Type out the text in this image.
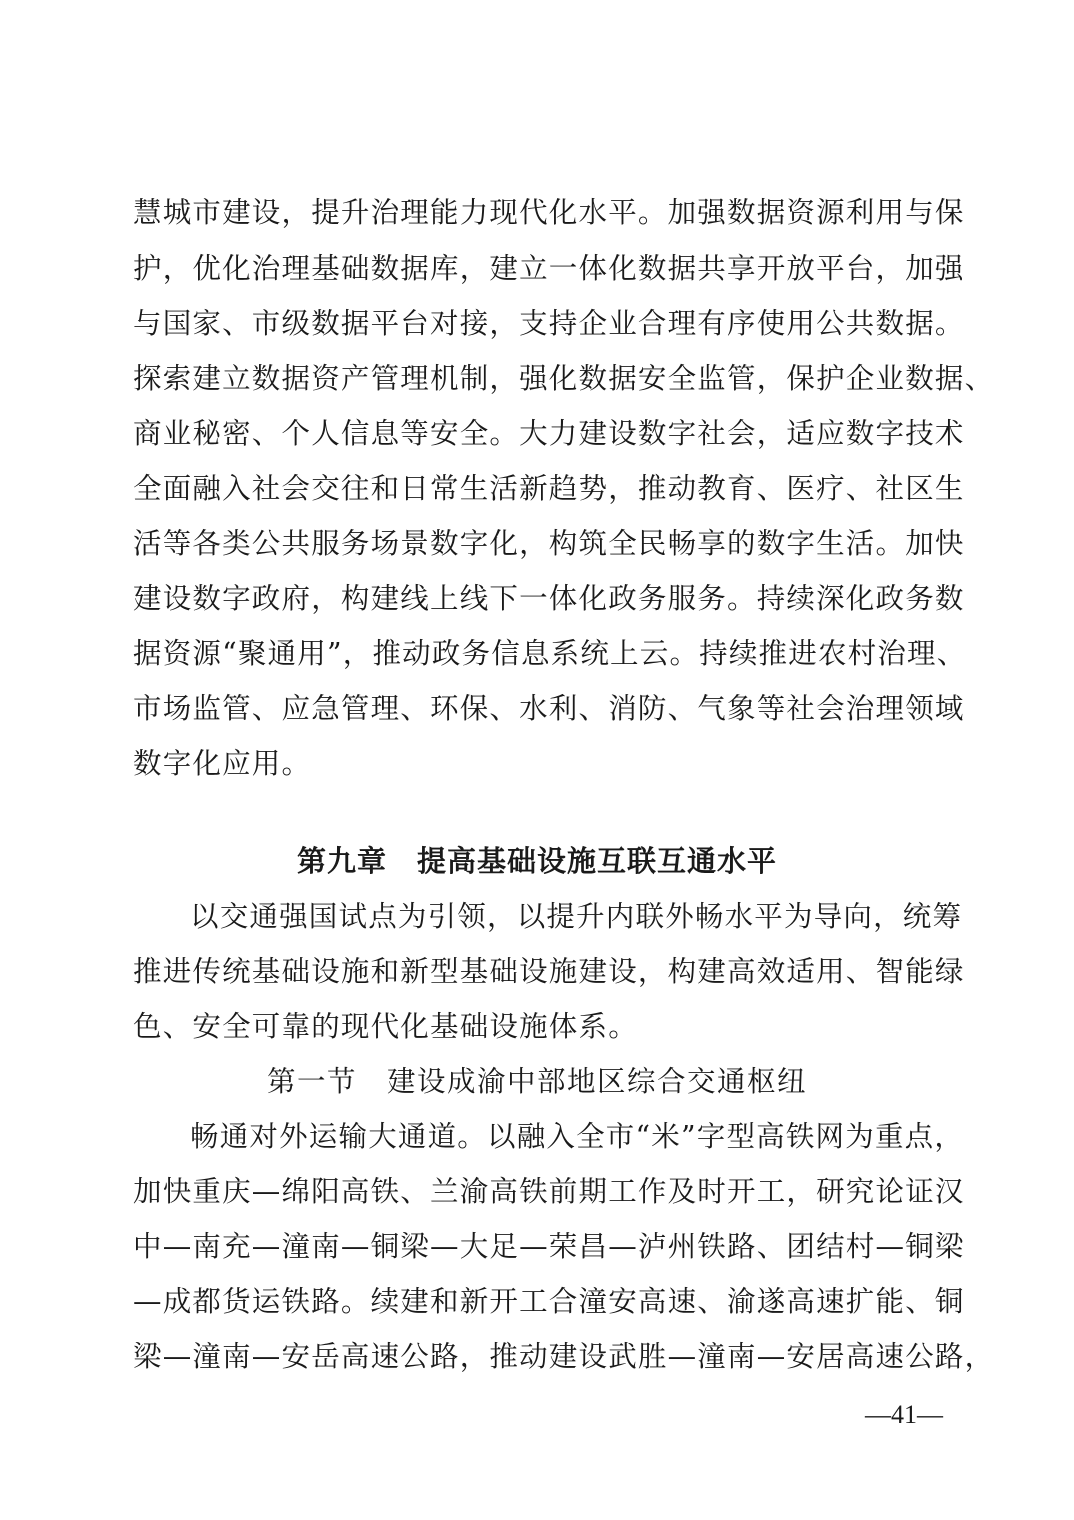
慧城市建设，提升治理能力现代化水平。加强数据资源利用与保
护，优化治理基础数据库，建立一体化数据共享开放平台，加强
与国家、市级数据平台对接，支持企业合理有序使用公共数据。
探索建立数据资产管理机制，强化数据安全监管，保护企业数据、
商业秘密、个人信息等安全。大力建设数字社会，适应数字技术
全面融入社会交往和日常生活新趋势，推动教育、医疗、社区生
活等各类公共服务场景数字化，构筑全民畅享的数字生活。加快
建设数字政府，构建线上线下一体化政务服务。持续深化政务数
据资源“聚通用”，推动政务信息系统上云。持续推进农村治理、
市场监管、应急管理、环保、水利、消防、气象等社会治理领域
数字化应用。
第九章　提高基础设施互联互通水平
以交通强国试点为引领，以提升内联外畅水平为导向，统筹
推进传统基础设施和新型基础设施建设，构建高效适用、智能绿
色、安全可靠的现代化基础设施体系。
第一节　建设成渝中部地区综合交通枢纽
畅通对外运输大通道。以融入全市“米”字型高铁网为重点，
加快重庆—绵阳高铁、兰渝高铁前期工作及时开工，研究论证汉
中—南充—潼南—铜梁—大足—荣昌—泸州铁路、团结村—铜梁
—成都货运铁路。续建和新开工合潼安高速、渝遂高速扩能、铜
梁—潼南—安岳高速公路，推动建设武胜—潼南—安居高速公路，
—41—
